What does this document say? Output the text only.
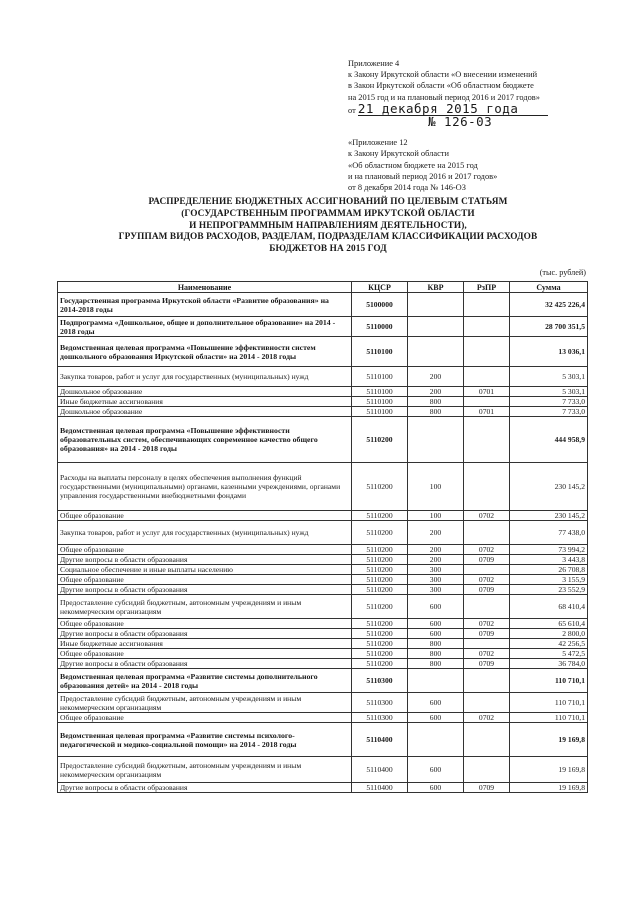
Приложение 4
к Закону Иркутской области «О внесении изменений
в Закон Иркутской области «Об областном бюджете
на 2015 год и на плановый период 2016 и 2017 годов»
от 21 декабря 2015 года
№ 126-03
«Приложение 12
к Закону Иркутской области
«Об областном бюджете на 2015 год
и на плановый период 2016 и 2017 годов»
от 8 декабря 2014 года № 146-ОЗ
РАСПРЕДЕЛЕНИЕ БЮДЖЕТНЫХ АССИГНОВАНИЙ ПО ЦЕЛЕВЫМ СТАТЬЯМ
(ГОСУДАРСТВЕННЫМ ПРОГРАММАМ ИРКУТСКОЙ ОБЛАСТИ
И НЕПРОГРАММНЫМ НАПРАВЛЕНИЯМ ДЕЯТЕЛЬНОСТИ),
ГРУППАМ ВИДОВ РАСХОДОВ, РАЗДЕЛАМ, ПОДРАЗДЕЛАМ КЛАССИФИКАЦИИ РАСХОДОВ
БЮДЖЕТОВ НА 2015 ГОД
(тыс. рублей)
Наименование	КЦСР	КВР	РзПР	Сумма
Государственная программа Иркутской области «Развитие образования» на 2014-2018 годы	5100000			32 425 226,4
Подпрограмма «Дошкольное, общее и дополнительное образование» на 2014 - 2018 годы	5110000			28 700 351,5
Ведомственная целевая программа «Повышение эффективности систем дошкольного образования Иркутской области» на 2014 - 2018 годы	5110100			13 036,1
Закупка товаров, работ и услуг для государственных (муниципальных) нужд	5110100	200		5 303,1
Дошкольное образование	5110100	200	0701	5 303,1
Иные бюджетные ассигнования	5110100	800		7 733,0
Дошкольное образование	5110100	800	0701	7 733,0
Ведомственная целевая программа «Повышение эффективности образовательных систем, обеспечивающих современное качество общего образования» на 2014 - 2018 годы	5110200			444 958,9
Расходы на выплаты персоналу в целях обеспечения выполнения функций государственными (муниципальными) органами, казенными учреждениями, органами управления государственными внебюджетными фондами	5110200	100		230 145,2
Общее образование	5110200	100	0702	230 145,2
Закупка товаров, работ и услуг для государственных (муниципальных) нужд	5110200	200		77 438,0
Общее образование	5110200	200	0702	73 994,2
Другие вопросы в области образования	5110200	200	0709	3 443,8
Социальное обеспечение и иные выплаты населению	5110200	300		26 708,8
Общее образование	5110200	300	0702	3 155,9
Другие вопросы в области образования	5110200	300	0709	23 552,9
Предоставление субсидий бюджетным, автономным учреждениям и иным некоммерческим организациям	5110200	600		68 410,4
Общее образование	5110200	600	0702	65 610,4
Другие вопросы в области образования	5110200	600	0709	2 800,0
Иные бюджетные ассигнования	5110200	800		42 256,5
Общее образование	5110200	800	0702	5 472,5
Другие вопросы в области образования	5110200	800	0709	36 784,0
Ведомственная целевая программа «Развитие системы дополнительного образования детей» на 2014 - 2018 годы	5110300			110 710,1
Предоставление субсидий бюджетным, автономным учреждениям и иным некоммерческим организациям	5110300	600		110 710,1
Общее образование	5110300	600	0702	110 710,1
Ведомственная целевая программа «Развитие системы психолого-педагогической и медико-социальной помощи» на 2014 - 2018 годы	5110400			19 169,8
Предоставление субсидий бюджетным, автономным учреждениям и иным некоммерческим организациям	5110400	600		19 169,8
Другие вопросы в области образования	5110400	600	0709	19 169,8
